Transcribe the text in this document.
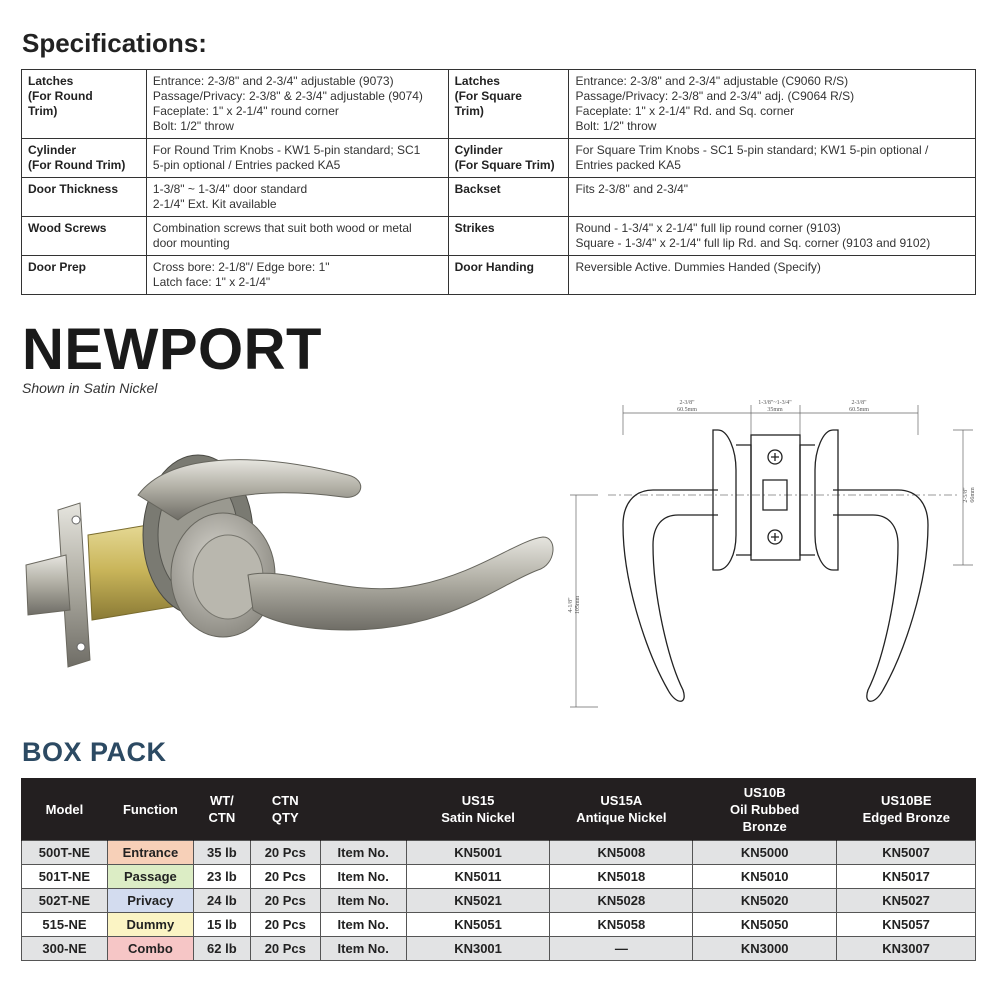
Specifications:
Latches
(For Round
Trim)	Entrance: 2-3/8" and 2-3/4" adjustable (9073)
Passage/Privacy: 2-3/8" & 2-3/4" adjustable (9074)
Faceplate: 1" x 2-1/4" round corner
Bolt: 1/2" throw	Latches
(For Square
Trim)	Entrance: 2-3/8" and 2-3/4" adjustable (C9060 R/S)
Passage/Privacy: 2-3/8" and 2-3/4" adj. (C9064 R/S)
Faceplate: 1" x 2-1/4" Rd. and Sq. corner
Bolt: 1/2" throw

Cylinder
(For Round Trim)	For Round Trim Knobs - KW1 5-pin standard; SC1
5-pin optional / Entries packed KA5	Cylinder
(For Square Trim)	For Square Trim Knobs - SC1 5-pin standard; KW1 5-pin optional /
Entries packed KA5

Door Thickness	1-3/8" ~ 1-3/4" door standard
2-1/4" Ext. Kit available	Backset	Fits 2-3/8" and 2-3/4"

Wood Screws	Combination screws that suit both wood or metal
door mounting	Strikes	Round - 1-3/4" x 2-1/4" full lip round corner (9103)
Square - 1-3/4" x 2-1/4" full lip Rd. and Sq. corner (9103 and 9102)

Door Prep	Cross bore: 2-1/8"/ Edge bore: 1"
Latch face: 1" x 2-1/4"	Door Handing	Reversible Active. Dummies Handed (Specify)
NEWPORT
Shown in Satin Nickel
2-3/8"
60.5mm
1-3/8"~1-3/4"
35mm
2-3/8"
60.5mm
2-5/8" 66mm
4-1/8" 105mm
BOX PACK
Model	Function	WT/
CTN	CTN
QTY		US15
Satin Nickel	US15A
Antique Nickel	US10B
Oil Rubbed
Bronze	US10BE
Edged Bronze

500T-NE	Entrance	35 lb	20 Pcs	Item No.	KN5001	KN5008	KN5000	KN5007
501T-NE	Passage	23 lb	20 Pcs	Item No.	KN5011	KN5018	KN5010	KN5017
502T-NE	Privacy	24 lb	20 Pcs	Item No.	KN5021	KN5028	KN5020	KN5027
515-NE	Dummy	15 lb	20 Pcs	Item No.	KN5051	KN5058	KN5050	KN5057
300-NE	Combo	62 lb	20 Pcs	Item No.	KN3001	—	KN3000	KN3007
